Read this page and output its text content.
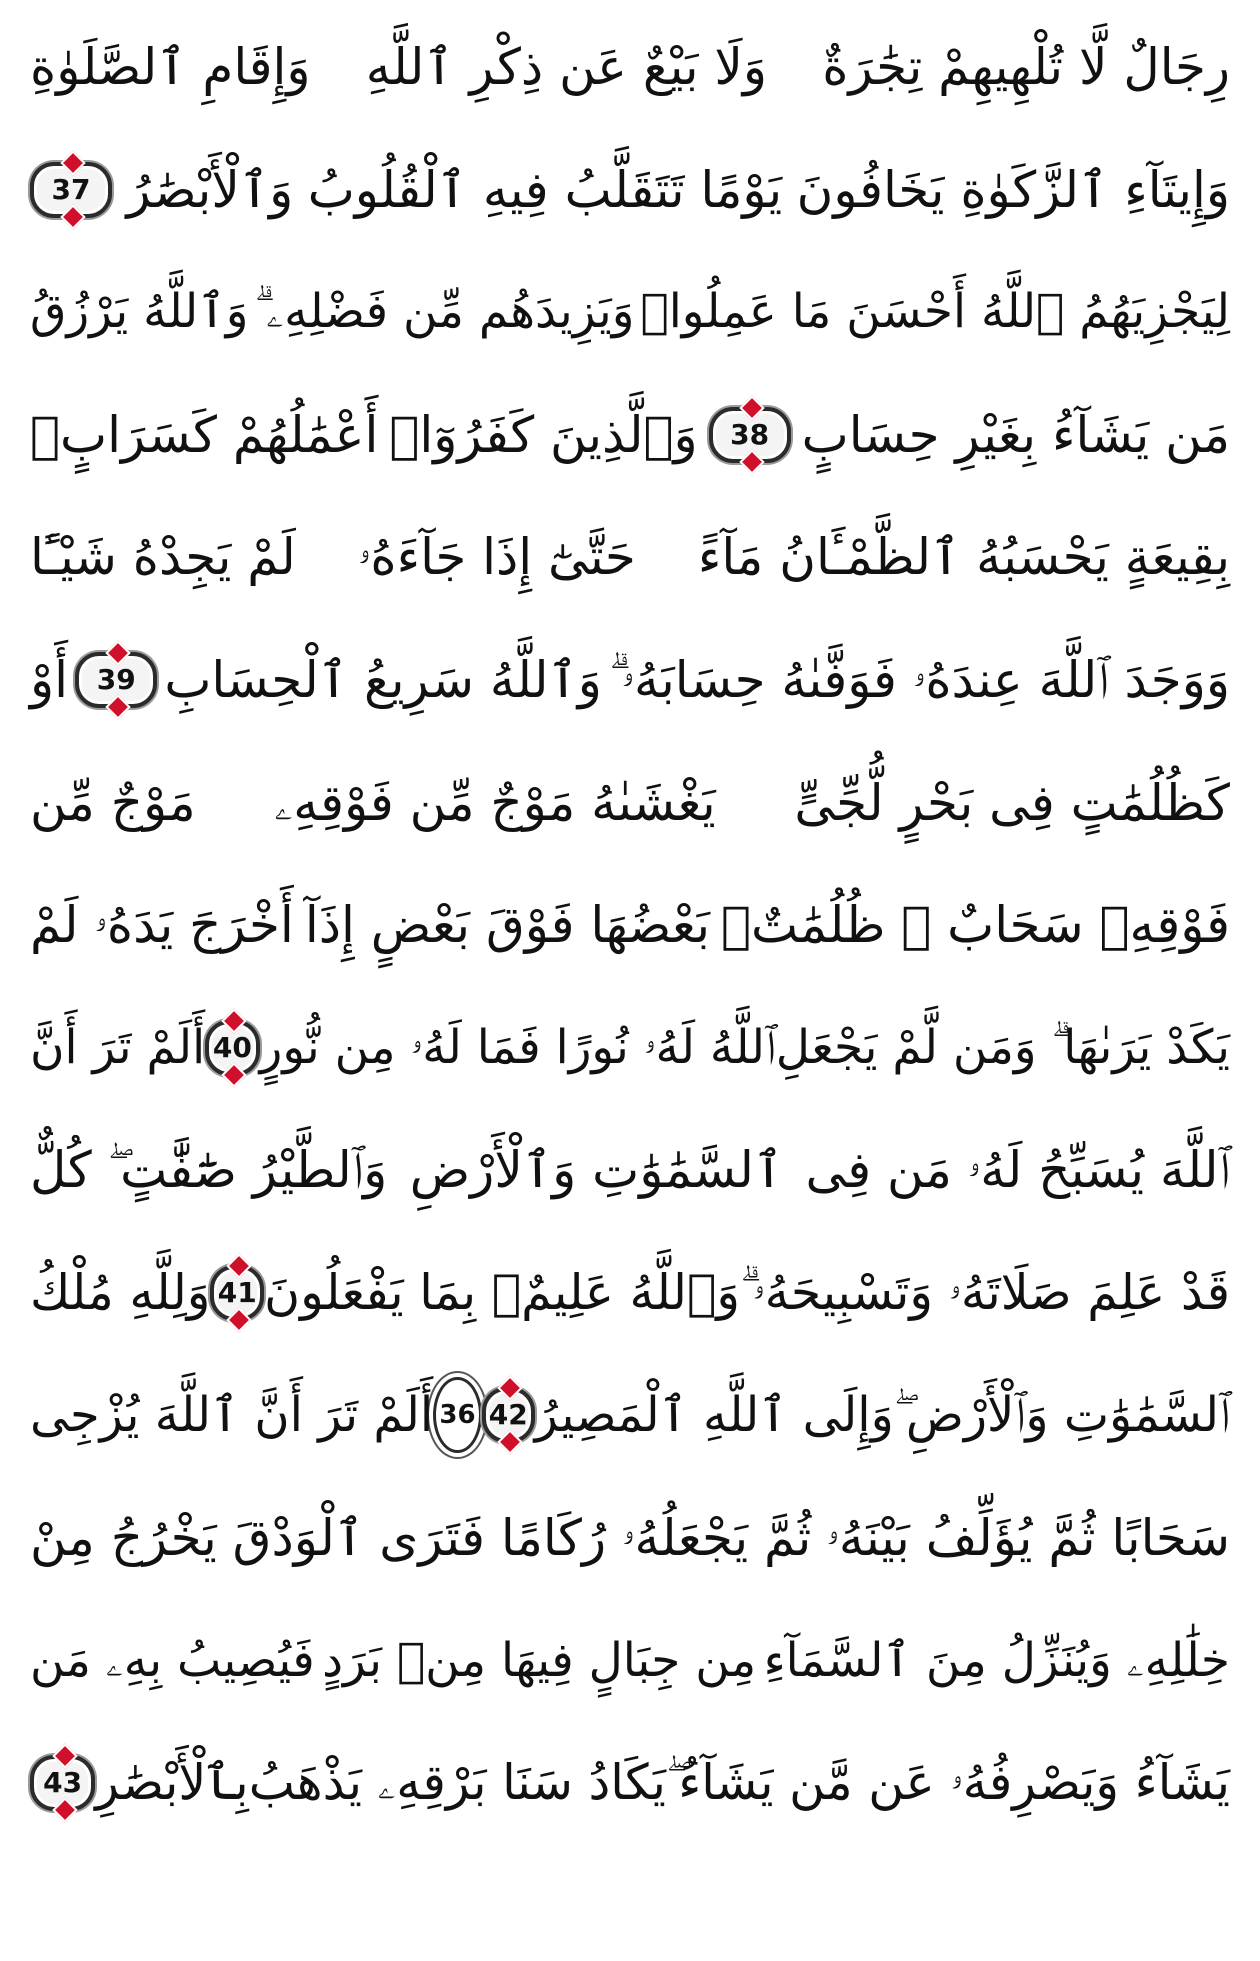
رِجَالٌ لَّا تُلْهِيهِمْ تِجَٰرَةٌ
وَلَا بَيْعٌ عَن ذِكْرِ ٱللَّهِ
وَإِقَامِ ٱلصَّلَوٰةِ
وَإِيتَآءِ ٱلزَّكَوٰةِ يَخَافُونَ
يَوْمًا تَتَقَلَّبُ فِيهِ ٱلْقُلُوبُ
وَٱلْأَبْصَٰرُ
37
لِيَجْزِيَهُمُ ٱللَّهُ أَحْسَنَ مَا عَمِلُوا۟
وَيَزِيدَهُم مِّن فَضْلِهِۦ ۗ
وَٱللَّهُ يَرْزُقُ
مَن يَشَآءُ بِغَيْرِ حِسَابٍ
38
وَٱلَّذِينَ كَفَرُوٓا۟
أَعْمَٰلُهُمْ كَسَرَابٍۭ
بِقِيعَةٍ يَحْسَبُهُ ٱلظَّمْـَٔانُ مَآءً
حَتَّىٰٓ إِذَا جَآءَهُۥ
لَمْ يَجِدْهُ شَيْـًٔا
وَوَجَدَ ٱللَّهَ عِندَهُۥ فَوَفَّىٰهُ حِسَابَهُۥ ۗ
وَٱللَّهُ سَرِيعُ ٱلْحِسَابِ
39
أَوْ
كَظُلُمَٰتٍ فِى بَحْرٍ لُّجِّىٍّ
يَغْشَىٰهُ مَوْجٌ مِّن فَوْقِهِۦ
مَوْجٌ مِّن
فَوْقِهِۦ سَحَابٌ ۚ ظُلُمَٰتٌۢ
بَعْضُهَا فَوْقَ بَعْضٍ إِذَآ
أَخْرَجَ يَدَهُۥ لَمْ
يَكَدْ يَرَىٰهَا ۗ وَمَن لَّمْ يَجْعَلِ
ٱللَّهُ لَهُۥ نُورًا فَمَا لَهُۥ مِن نُّورٍ
40
أَلَمْ تَرَ أَنَّ
ٱللَّهَ يُسَبِّحُ لَهُۥ مَن فِى
ٱلسَّمَٰوَٰتِ وَٱلْأَرْضِ
وَٱلطَّيْرُ صَٰٓفَّٰتٍ ۖ كُلٌّ
قَدْ عَلِمَ صَلَاتَهُۥ وَتَسْبِيحَهُۥ ۗ
وَٱللَّهُ عَلِيمٌۢ بِمَا يَفْعَلُونَ
41
وَلِلَّهِ مُلْكُ
ٱلسَّمَٰوَٰتِ وَٱلْأَرْضِ ۖ
وَإِلَى ٱللَّهِ ٱلْمَصِيرُ
42
36
أَلَمْ تَرَ أَنَّ ٱللَّهَ يُزْجِى
سَحَابًا ثُمَّ يُؤَلِّفُ بَيْنَهُۥ
ثُمَّ يَجْعَلُهُۥ رُكَامًا فَتَرَى
ٱلْوَدْقَ يَخْرُجُ مِنْ
خِلَٰلِهِۦ وَيُنَزِّلُ مِنَ ٱلسَّمَآءِ
مِن جِبَالٍ فِيهَا مِنۢ بَرَدٍ
فَيُصِيبُ بِهِۦ مَن
يَشَآءُ وَيَصْرِفُهُۥ عَن مَّن يَشَآءُ ۖ
يَكَادُ سَنَا بَرْقِهِۦ يَذْهَبُ
بِٱلْأَبْصَٰرِ
43
